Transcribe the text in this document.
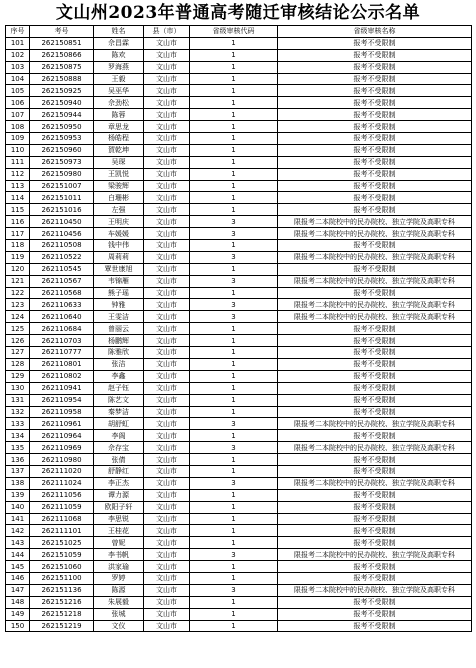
文山州2023年普通高考随迁审核结论公示名单
序号	考号	姓名	县（市）	省级审核代码	省级审核名称
101	262150851	佘昌霖	文山市	1	报考不受限制
102	262150866	陈欢	文山市	1	报考不受限制
103	262150875	罗海燕	文山市	1	报考不受限制
104	262150888	王毅	文山市	1	报考不受限制
105	262150925	吴巫华	文山市	1	报考不受限制
106	262150940	佘劲松	文山市	1	报考不受限制
107	262150944	陈蓉	文山市	1	报考不受限制
108	262150950	章思龙	文山市	1	报考不受限制
109	262150953	杨皓程	文山市	1	报考不受限制
110	262150960	賀乾坤	文山市	1	报考不受限制
111	262150973	吴琛	文山市	1	报考不受限制
112	262150980	王凯悦	文山市	1	报考不受限制
113	262151007	梁骏辉	文山市	1	报考不受限制
114	262151011	白珊彬	文山市	1	报考不受限制
115	262151016	左强	文山市	1	报考不受限制
116	262110450	王明庆	文山市	3	限报考二本院校中的民办院校、独立学院及高职专科
117	262110456	车媛媛	文山市	3	限报考二本院校中的民办院校、独立学院及高职专科
118	262110508	钱中伟	文山市	1	报考不受限制
119	262110522	周莉莉	文山市	3	限报考二本院校中的民办院校、独立学院及高职专科
120	262110545	覃世康旭	文山市	1	报考不受限制
121	262110567	韦锦雁	文山市	3	限报考二本院校中的民办院校、独立学院及高职专科
122	262110568	熊子瑶	文山市	1	报考不受限制
123	262110633	钟雅	文山市	3	限报考二本院校中的民办院校、独立学院及高职专科
124	262110640	王雯洁	文山市	3	限报考二本院校中的民办院校、独立学院及高职专科
125	262110684	曾丽云	文山市	1	报考不受限制
126	262110703	杨鹏辉	文山市	1	报考不受限制
127	262110777	陈雅欣	文山市	1	报考不受限制
128	262110801	张洁	文山市	1	报考不受限制
129	262110802	李鑫	文山市	1	报考不受限制
130	262110941	赵子钰	文山市	1	报考不受限制
131	262110954	陈艺文	文山市	1	报考不受限制
132	262110958	秦梦洁	文山市	1	报考不受限制
133	262110961	胡舒虹	文山市	3	限报考二本院校中的民办院校、独立学院及高职专科
134	262110964	李阁	文山市	1	报考不受限制
135	262110969	佘存宝	文山市	3	限报考二本院校中的民办院校、独立学院及高职专科
136	262110980	张倩	文山市	1	报考不受限制
137	262111020	舒静红	文山市	1	报考不受限制
138	262111024	李正杰	文山市	3	限报考二本院校中的民办院校、独立学院及高职专科
139	262111056	谭力源	文山市	1	报考不受限制
140	262111059	欧阳子轩	文山市	1	报考不受限制
141	262111068	李思锐	文山市	1	报考不受限制
142	262111101	王桂花	文山市	1	报考不受限制
143	262151025	曾妮	文山市	1	报考不受限制
144	262151059	李书帆	文山市	3	限报考二本院校中的民办院校、独立学院及高职专科
145	262151060	洪家瑜	文山市	1	报考不受限制
146	262151100	罗婷	文山市	1	报考不受限制
147	262151136	陈源	文山市	3	限报考二本院校中的民办院校、独立学院及高职专科
148	262151216	朱展毅	文山市	1	报考不受限制
149	262151218	张城	文山市	1	报考不受限制
150	262151219	文仪	文山市	1	报考不受限制
